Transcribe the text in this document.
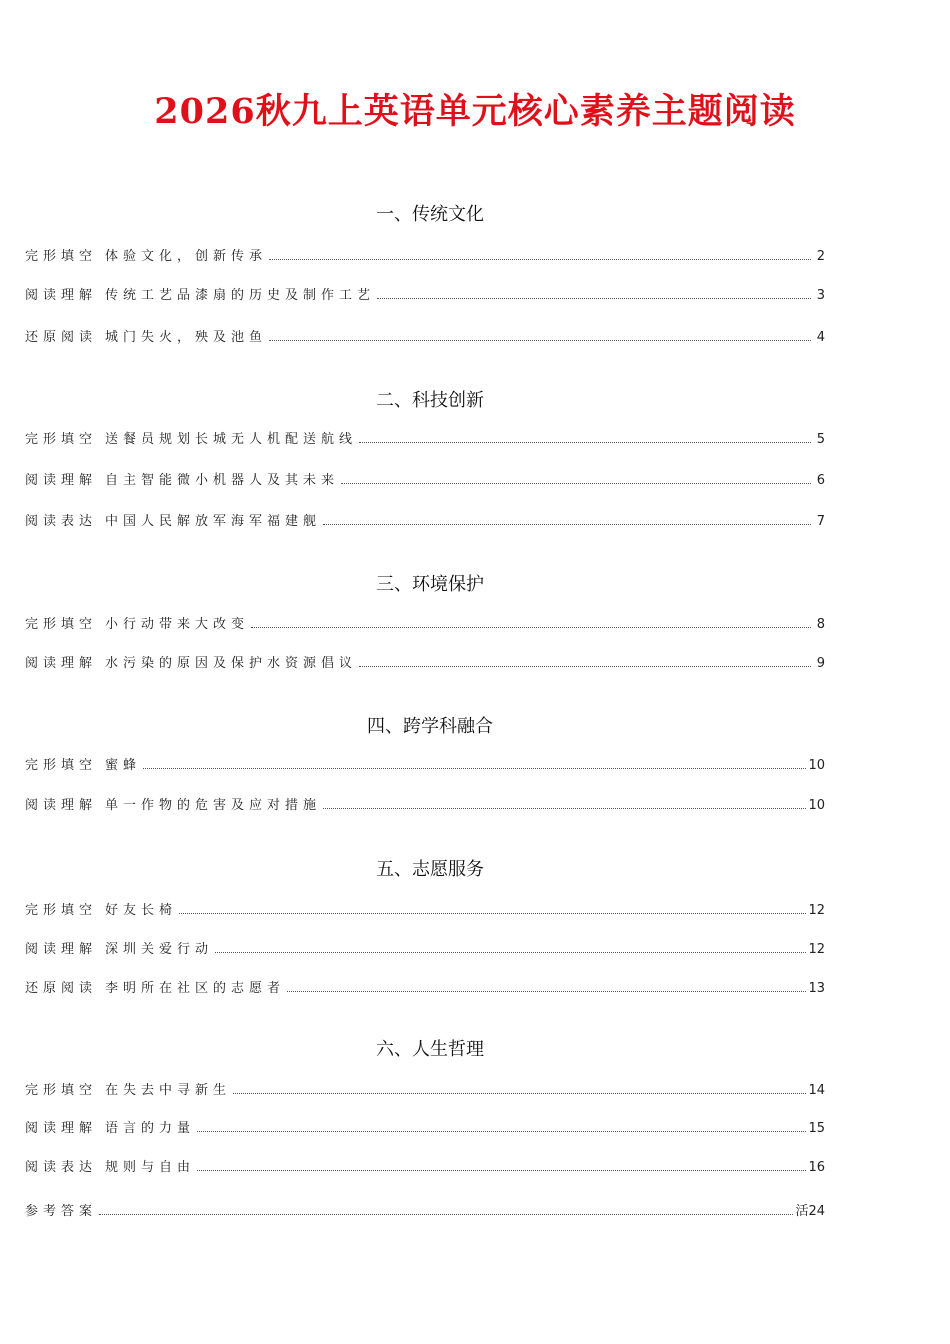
2026秋九上英语单元核心素养主题阅读
一、传统文化
完形填空 体验文化，创新传承	2
阅读理解 传统工艺品漆扇的历史及制作工艺	3
还原阅读 城门失火，殃及池鱼	4
二、科技创新
完形填空 送餐员规划长城无人机配送航线	5
阅读理解 自主智能微小机器人及其未来	6
阅读表达 中国人民解放军海军福建舰	7
三、环境保护
完形填空 小行动带来大改变	8
阅读理解 水污染的原因及保护水资源倡议	9
四、跨学科融合
完形填空 蜜蜂	10
阅读理解 单一作物的危害及应对措施	10
五、志愿服务
完形填空 好友长椅	12
阅读理解 深圳关爱行动	12
还原阅读 李明所在社区的志愿者	13
六、人生哲理
完形填空 在失去中寻新生	14
阅读理解 语言的力量	15
阅读表达 规则与自由	16
参考答案	活24
